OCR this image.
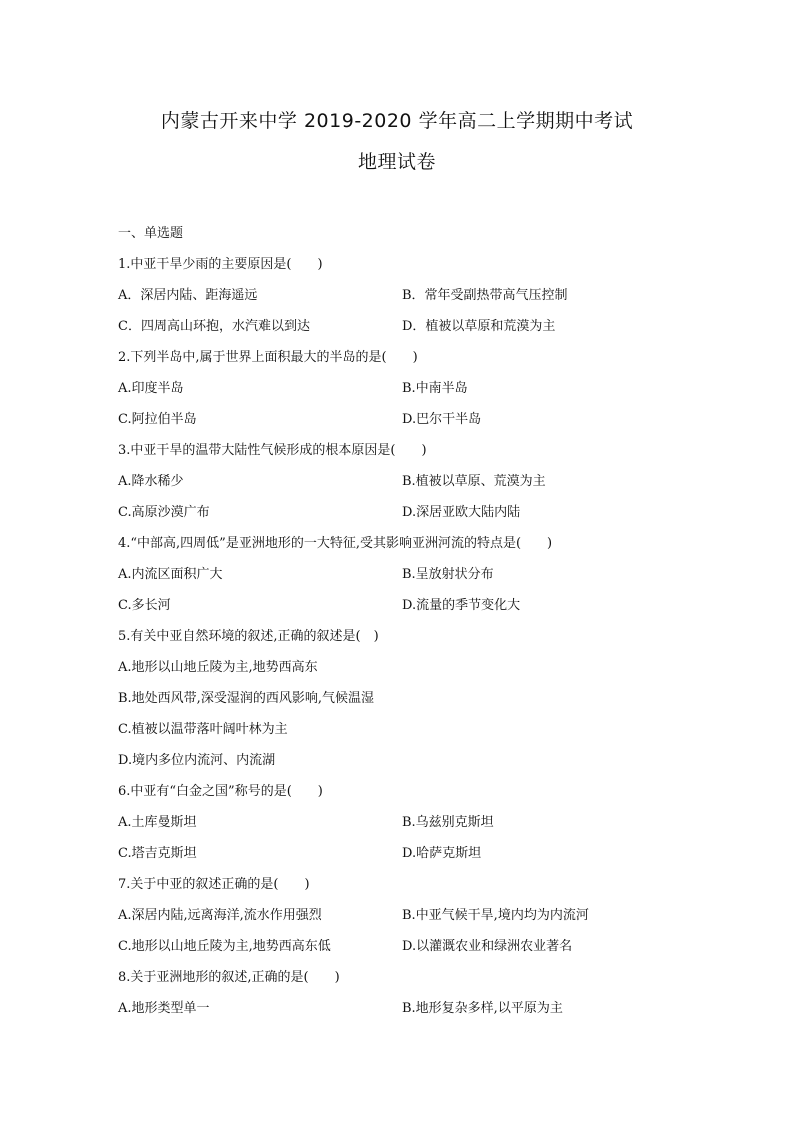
内蒙古开来中学 2019-2020 学年高二上学期期中考试
地理试卷
一、单选题
1.中亚干旱少雨的主要原因是(　　)
A．深居内陆、距海遥远	B．常年受副热带高气压控制
C．四周高山环抱，水汽难以到达	D．植被以草原和荒漠为主
2.下列半岛中,属于世界上面积最大的半岛的是(　　)
A.印度半岛	B.中南半岛
C.阿拉伯半岛	D.巴尔干半岛
3.中亚干旱的温带大陆性气候形成的根本原因是(　　)
A.降水稀少	B.植被以草原、荒漠为主
C.高原沙漠广布	D.深居亚欧大陆内陆
4.“中部高,四周低”是亚洲地形的一大特征,受其影响亚洲河流的特点是(　　)
A.内流区面积广大	B.呈放射状分布
C.多长河	D.流量的季节变化大
5.有关中亚自然环境的叙述,正确的叙述是(　)
A.地形以山地丘陵为主,地势西高东
B.地处西风带,深受湿润的西风影响,气候温湿
C.植被以温带落叶阔叶林为主
D.境内多位内流河、内流湖
6.中亚有“白金之国”称号的是(　　)
A.土库曼斯坦	B.乌兹别克斯坦
C.塔吉克斯坦	D.哈萨克斯坦
7.关于中亚的叙述正确的是(　　)
A.深居内陆,远离海洋,流水作用强烈	B.中亚气候干旱,境内均为内流河
C.地形以山地丘陵为主,地势西高东低	D.以灌溉农业和绿洲农业著名
8.关于亚洲地形的叙述,正确的是(　　)
A.地形类型单一	B.地形复杂多样,以平原为主
